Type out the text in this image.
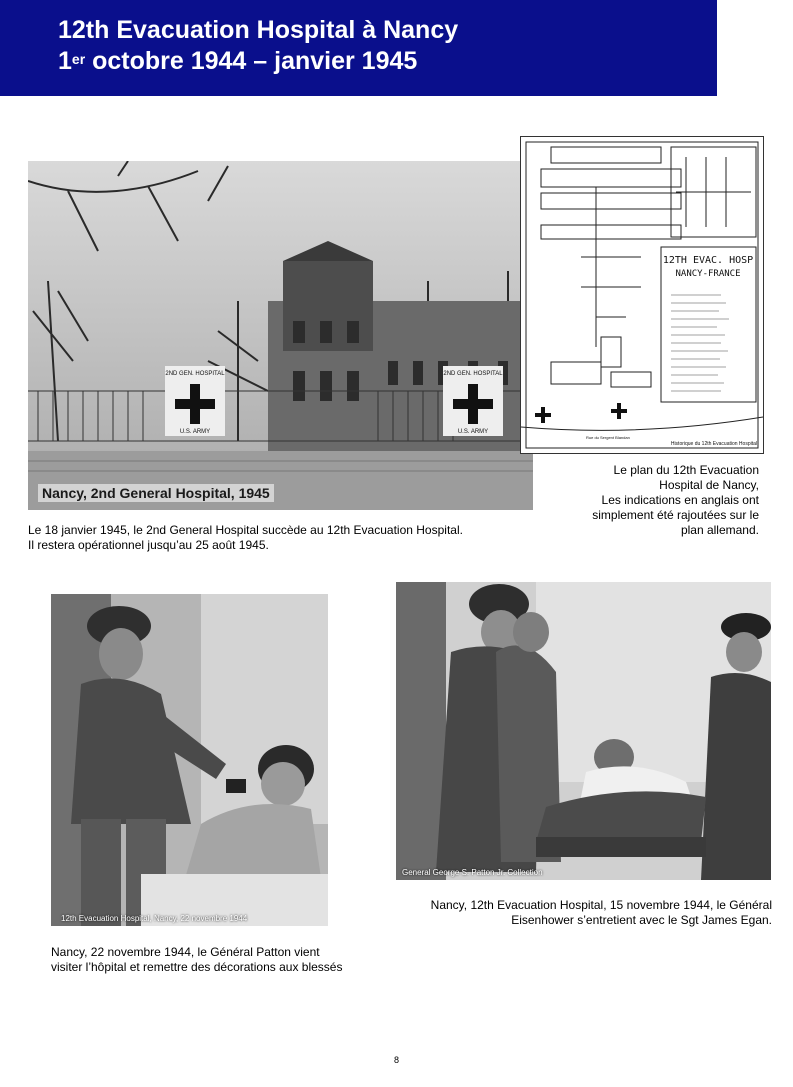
12th Evacuation Hospital à Nancy
1er octobre 1944 – janvier 1945
2ND GEN. HOSPITAL	2ND GEN. HOSPITAL
U.S. ARMY	U.S. ARMY
Nancy, 2nd General Hospital, 1945
12TH EVAC. HOSP
NANCY-FRANCE
Rue du Sergent Blandan
Historique du 12th Evacuation Hospital
Le plan du 12th Evacuation
Hospital de Nancy,
Les indications en anglais ont
simplement été rajoutées sur le
plan allemand.
Le 18 janvier 1945, le 2nd General Hospital succède au 12th Evacuation Hospital.
Il restera opérationnel jusqu’au 25 août 1945.
12th Evacuation Hospital, Nancy, 22 novembre 1944
Nancy, 22 novembre 1944, le Général Patton vient
visiter l’hôpital et remettre des décorations aux blessés
General George S. Patton Jr. Collection
Nancy, 12th Evacuation Hospital, 15 novembre 1944, le Général
Eisenhower s’entretient avec le Sgt James Egan.
8
